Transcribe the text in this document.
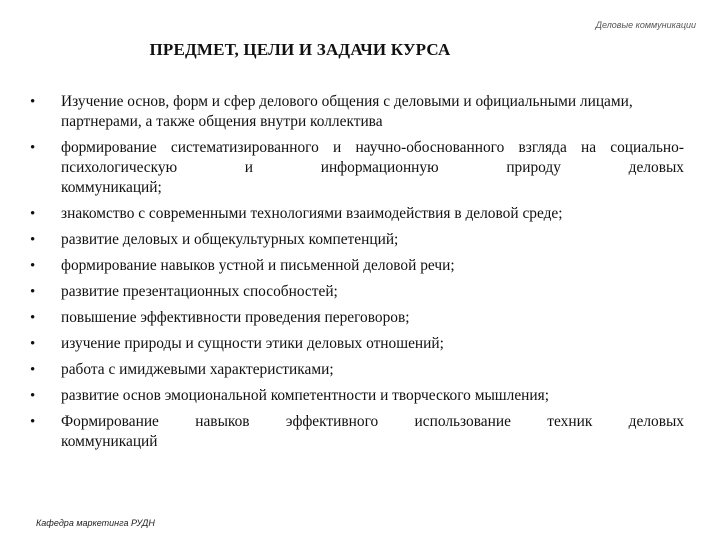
Деловые коммуникации
ПРЕДМЕТ, ЦЕЛИ И ЗАДАЧИ КУРСА
•	Изучение основ, форм и сфер делового общения с деловыми и официальными лицами, партнерами, а также общения внутри коллектива
•	формирование систематизированного и научно-обоснованного взгляда на социально-психологическую и информационную природу деловых
коммуникаций;
•	знакомство с современными технологиями взаимодействия в деловой среде;
•	развитие деловых и общекультурных компетенций;
•	формирование навыков устной и письменной деловой речи;
•	развитие презентационных способностей;
•	повышение эффективности проведения переговоров;
•	изучение природы и сущности этики деловых отношений;
•	работа с имиджевыми характеристиками;
•	развитие основ эмоциональной компетентности и творческого мышления;
•	Формирование навыков эффективного использование техник деловых
коммуникаций
Кафедра маркетинга РУДН
